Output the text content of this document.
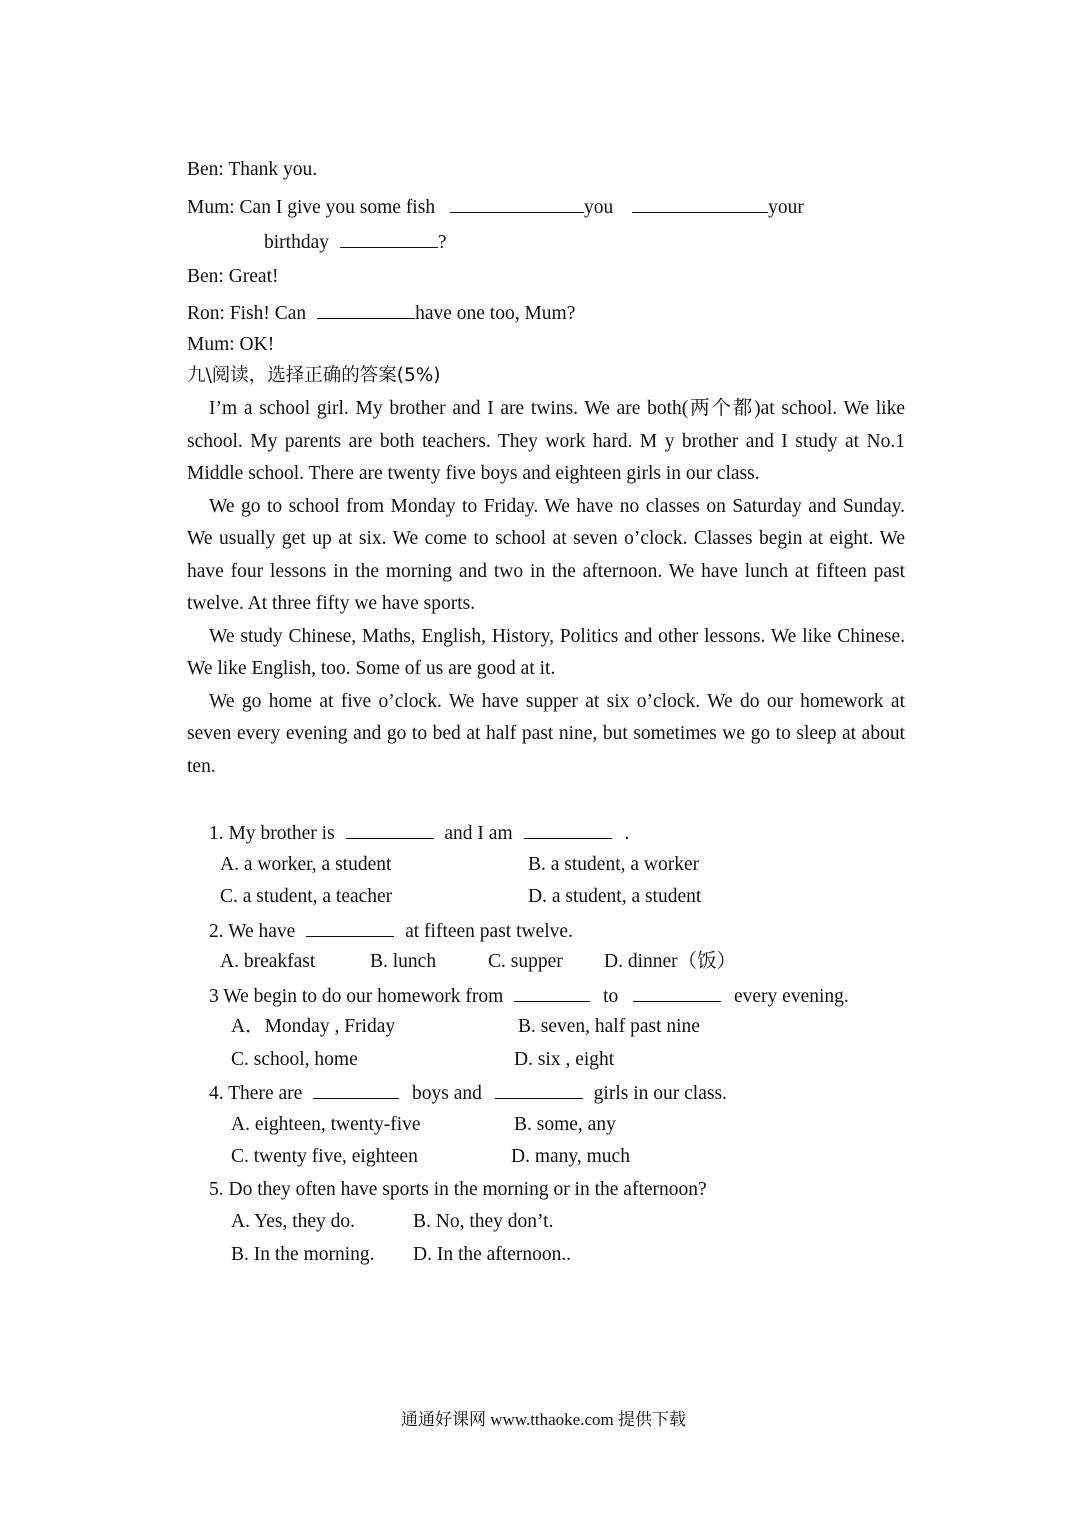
Ben: Thank you.
Mum: Can I give you some fish	you	your
birthday	?
Ben: Great!
Ron: Fish! Can	have one too, Mum?
Mum: OK!
九\阅读，选择正确的答案(5%)

I’m a school girl. My brother and I are twins. We are both(两个都)at school. We like school. My parents are both teachers. They work hard. M y brother and I study at No.1 Middle school. There are twenty five boys and eighteen girls in our class.

We go to school from Monday to Friday. We have no classes on Saturday and Sunday. We usually get up at six. We come to school at seven o’clock. Classes begin at eight. We have four lessons in the morning and two in the afternoon. We have lunch at fifteen past twelve. At three fifty we have sports.

We study Chinese, Maths, English, History, Politics and other lessons. We like Chinese. We like English, too. Some of us are good at it.

We go home at five o’clock. We have supper at six o’clock. We do our homework at seven every evening and go to bed at half past nine, but sometimes we go to sleep at about ten.

1. My brother is	and I am	.
A. a worker, a student	B. a student, a worker
C. a student, a teacher	D. a student, a student
2. We have	at fifteen past twelve.
A. breakfast	B. lunch	C. supper D. dinner（饭）
3 We begin to do our homework from	to	every evening.
A．Monday , Friday	B. seven, half past nine
C. school, home	D. six , eight
4. There are	boys and	girls in our class.
A. eighteen, twenty-five	B. some, any
C. twenty five, eighteen	D. many, much
5. Do they often have sports in the morning or in the afternoon?
A. Yes, they do.	B. No, they don’t.
B. In the morning. D. In the afternoon..
通通好课网 www.tthaoke.com 提供下载
